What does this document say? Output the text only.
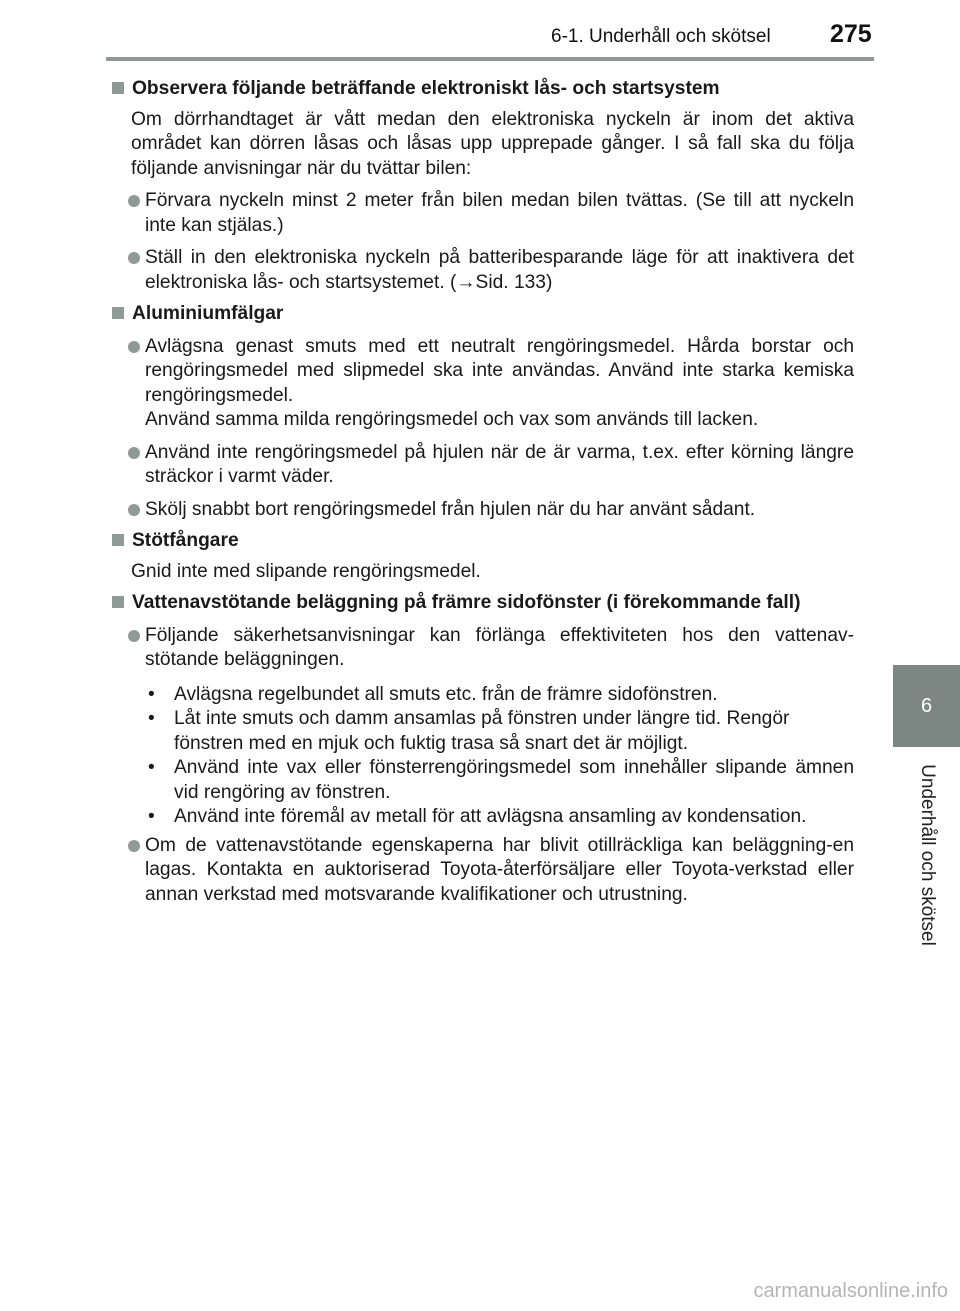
6-1. Underhåll och skötsel 275
6
Underhåll och skötsel
Observera följande beträffande elektroniskt lås- och startsystem
Om dörrhandtaget är vått medan den elektroniska nyckeln är inom det aktiva området kan dörren låsas och låsas upp upprepade gånger. I så fall ska du följa följande anvisningar när du tvättar bilen:
Förvara nyckeln minst 2 meter från bilen medan bilen tvättas. (Se till att nyckeln inte kan stjälas.)
Ställ in den elektroniska nyckeln på batteribesparande läge för att inaktivera det elektroniska lås- och startsystemet. (→Sid. 133)
Aluminiumfälgar
Avlägsna genast smuts med ett neutralt rengöringsmedel. Hårda borstar och rengöringsmedel med slipmedel ska inte användas. Använd inte starka kemiska rengöringsmedel.
Använd samma milda rengöringsmedel och vax som används till lacken.
Använd inte rengöringsmedel på hjulen när de är varma, t.ex. efter körning längre sträckor i varmt väder.
Skölj snabbt bort rengöringsmedel från hjulen när du har använt sådant.
Stötfångare
Gnid inte med slipande rengöringsmedel.
Vattenavstötande beläggning på främre sidofönster (i förekommande fall)
Följande säkerhetsanvisningar kan förlänga effektiviteten hos den vattenav-stötande beläggningen.
•	Avlägsna regelbundet all smuts etc. från de främre sidofönstren.
•	Låt inte smuts och damm ansamlas på fönstren under längre tid. Rengör fönstren med en mjuk och fuktig trasa så snart det är möjligt.
•	Använd inte vax eller fönsterrengöringsmedel som innehåller slipande ämnen vid rengöring av fönstren.
•	Använd inte föremål av metall för att avlägsna ansamling av kondensation.
Om de vattenavstötande egenskaperna har blivit otillräckliga kan beläggning-en lagas. Kontakta en auktoriserad Toyota-återförsäljare eller Toyota-verkstad eller annan verkstad med motsvarande kvalifikationer och utrustning.
carmanualsonline.info
